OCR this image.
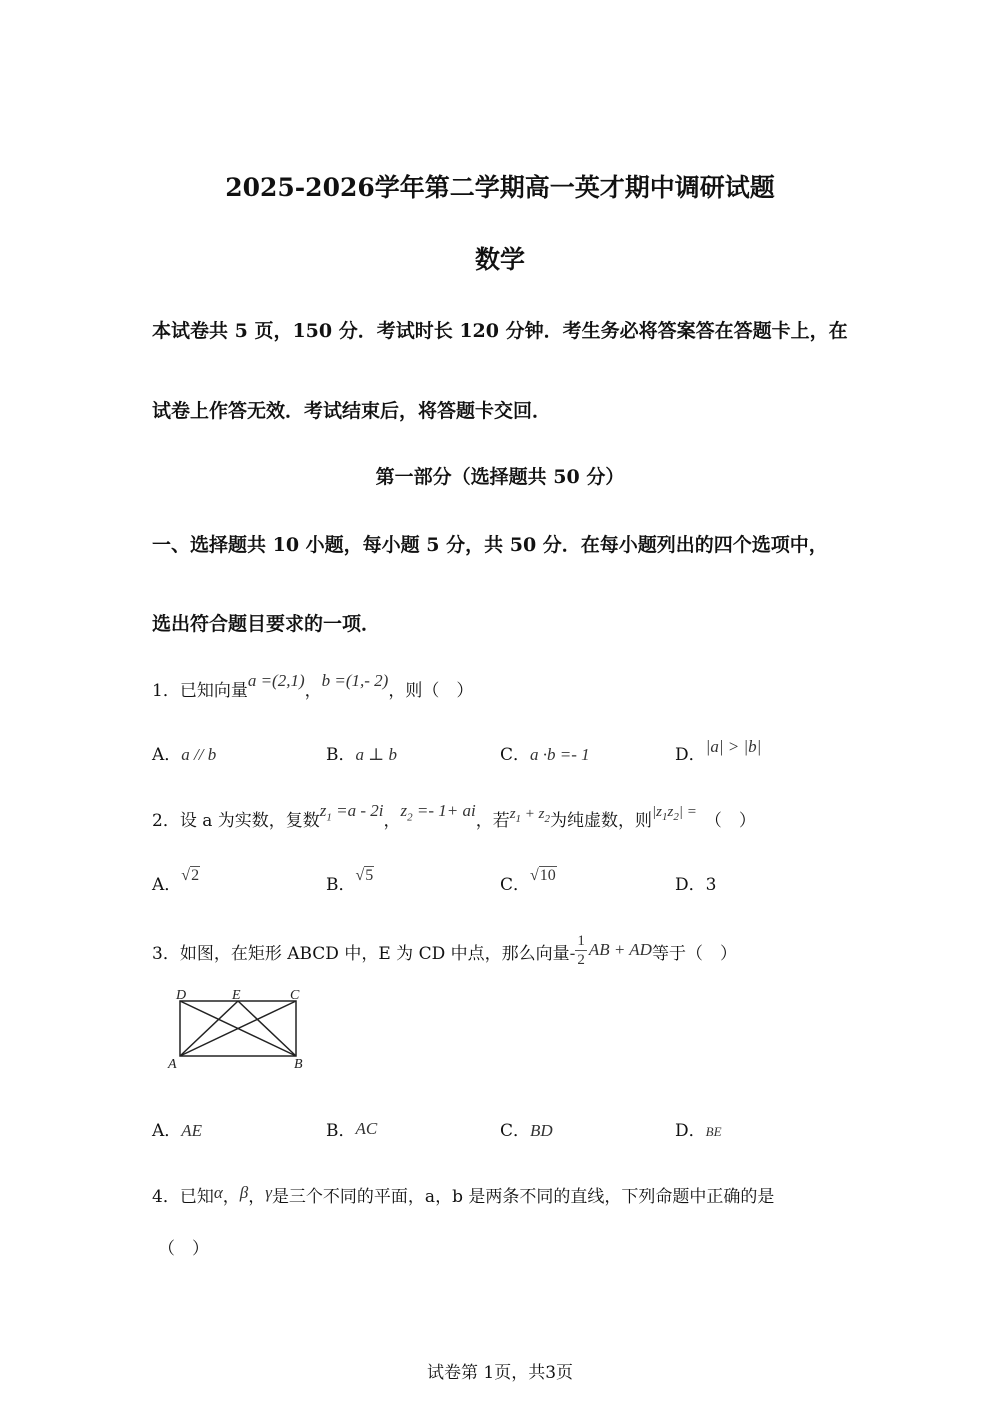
2025-2026学年第二学期高一英才期中调研试题
数学
本试卷共 5 页，150 分．考试时长 120 分钟．考生务必将答案答在答题卡上，在
试卷上作答无效．考试结束后，将答题卡交回．
第一部分（选择题共 50 分）
一、选择题共 10 小题，每小题 5 分，共 50 分．在每小题列出的四个选项中，
选出符合题目要求的一项．
1．已知向量a =(2,1)，b =(1,- 2)，则（　）
A．a // b	B．a ⊥ b	C．a ·b =- 1	D．|a| > |b|
2．设 a 为实数，复数$z_1 =a - 2i$，$z_2 =- 1+$ ai，若$z_1 + z_2$为纯虚数，则$|z_1z_2|$ = （　）
A．√2	B．√5	C．√10	D．3
3．如图，在矩形 ABCD 中，E 为 CD 中点，那么向量- $\frac{1}{2}$ AB + AD等于（　）
D	E	C
A	B
A．AE	B．AC	C．BD	D．BE
4．已知α，β，γ是三个不同的平面，a，b 是两条不同的直线，下列命题中正确的是
（　）
试卷第 1页，共3页
